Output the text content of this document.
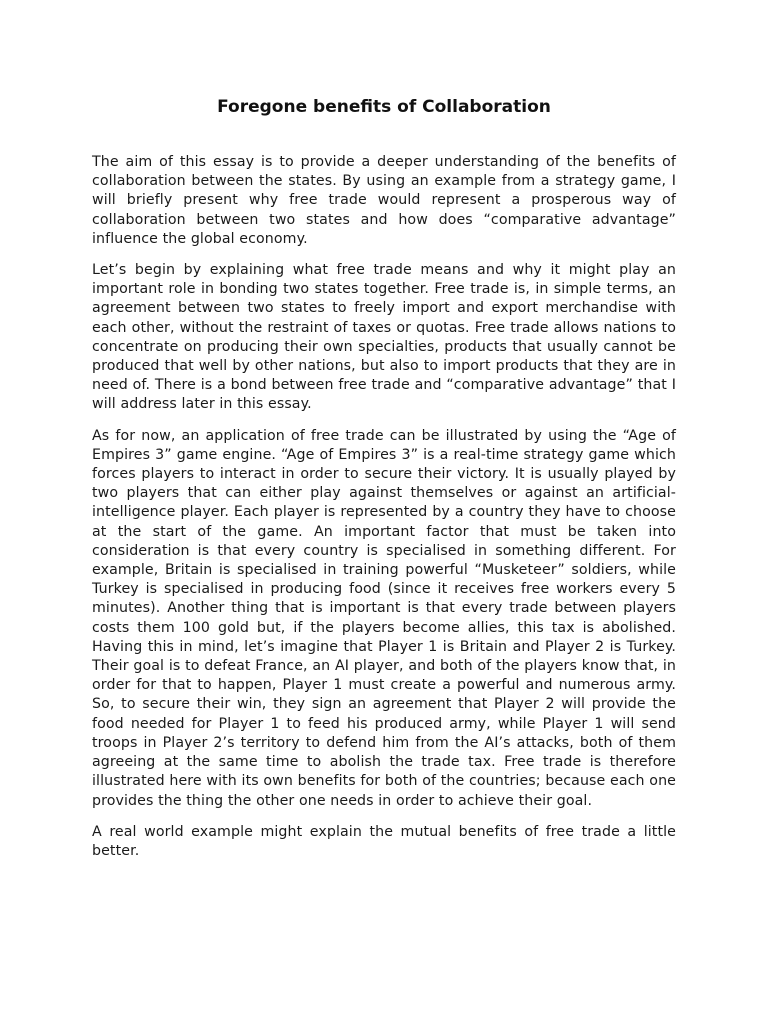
Foregone benefits of Collaboration

The aim of this essay is to provide a deeper understanding of the benefits of collaboration between the states. By using an example from a strategy game, I will briefly present why free trade would represent a prosperous way of collaboration between two states and how does “comparative advantage” influence the global economy.

Let’s begin by explaining what free trade means and why it might play an important role in bonding two states together. Free trade is, in simple terms, an agreement between two states to freely import and export merchandise with each other, without the restraint of taxes or quotas. Free trade allows nations to concentrate on producing their own specialties, products that usually cannot be produced that well by other nations, but also to import products that they are in need of. There is a bond between free trade and “comparative advantage” that I will address later in this essay.

As for now, an application of free trade can be illustrated by using the “Age of Empires 3” game engine. “Age of Empires 3” is a real-time strategy game which forces players to interact in order to secure their victory. It is usually played by two players that can either play against themselves or against an artificial-intelligence player. Each player is represented by a country they have to choose at the start of the game. An important factor that must be taken into consideration is that every country is specialised in something different. For example, Britain is specialised in training powerful “Musketeer” soldiers, while Turkey is specialised in producing food (since it receives free workers every 5 minutes). Another thing that is important is that every trade between players costs them 100 gold but, if the players become allies, this tax is abolished. Having this in mind, let’s imagine that Player 1 is Britain and Player 2 is Turkey. Their goal is to defeat France, an AI player, and both of the players know that, in order for that to happen, Player 1 must create a powerful and numerous army. So, to secure their win, they sign an agreement that Player 2 will provide the food needed for Player 1 to feed his produced army, while Player 1 will send troops in Player 2’s territory to defend him from the AI’s attacks, both of them agreeing at the same time to abolish the trade tax. Free trade is therefore illustrated here with its own benefits for both of the countries; because each one provides the thing the other one needs in order to achieve their goal.

A real world example might explain the mutual benefits of free trade a little better.
